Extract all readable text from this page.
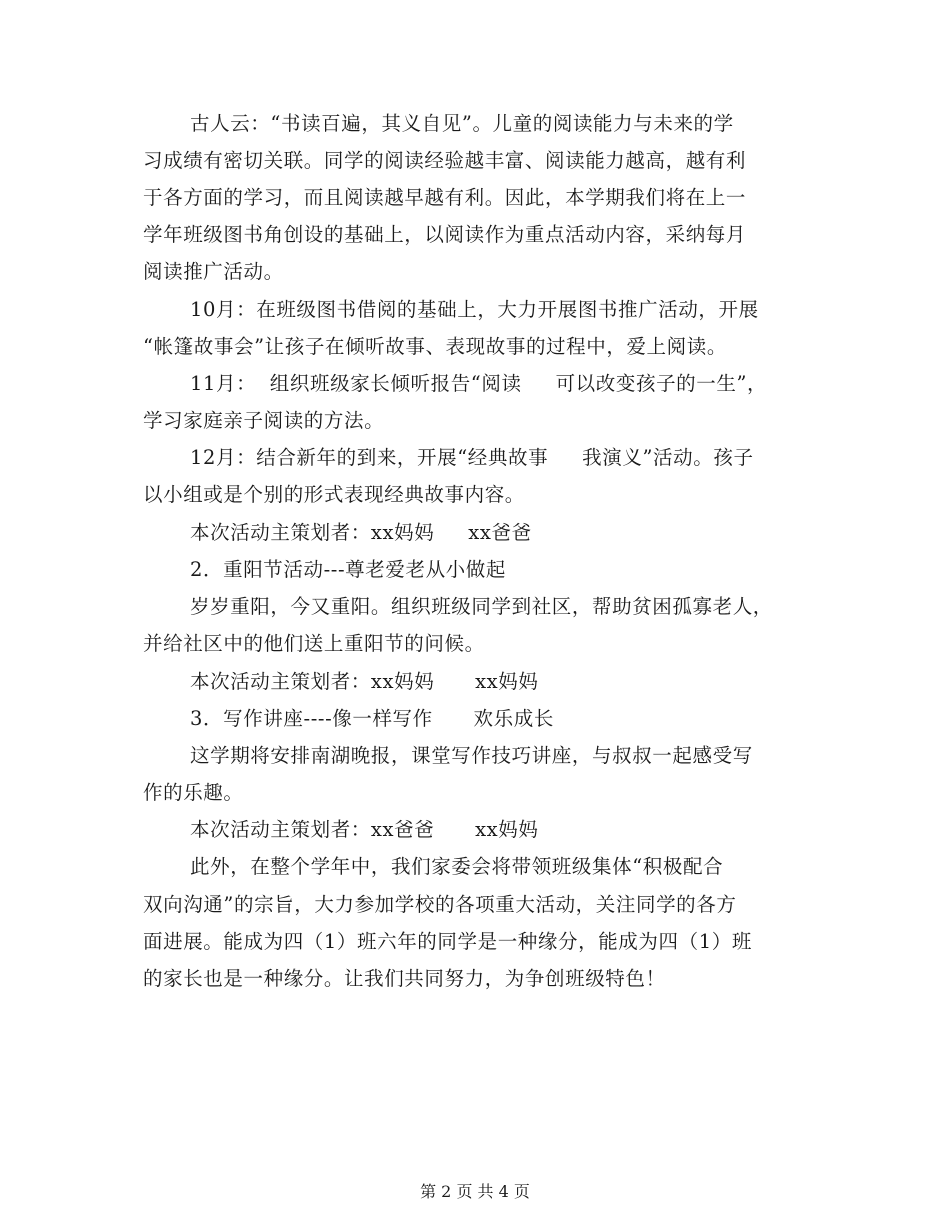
古人云：“书读百遍，其义自见”。儿童的阅读能力与未来的学
习成绩有密切关联。同学的阅读经验越丰富、阅读能力越高，越有利
于各方面的学习，而且阅读越早越有利。因此，本学期我们将在上一
学年班级图书角创设的基础上，以阅读作为重点活动内容，采纳每月
阅读推广活动。
10月：在班级图书借阅的基础上，大力开展图书推广活动，开展
“帐篷故事会”让孩子在倾听故事、表现故事的过程中，爱上阅读。
11月：  组织班级家长倾听报告“阅读     可以改变孩子的一生”，
学习家庭亲子阅读的方法。
12月：结合新年的到来，开展“经典故事     我演义”活动。孩子
以小组或是个别的形式表现经典故事内容。
本次活动主策划者：xx妈妈     xx爸爸
2．重阳节活动---尊老爱老从小做起
岁岁重阳，今又重阳。组织班级同学到社区，帮助贫困孤寡老人，
并给社区中的他们送上重阳节的问候。
本次活动主策划者：xx妈妈      xx妈妈
3．写作讲座----像一样写作      欢乐成长
这学期将安排南湖晚报，课堂写作技巧讲座，与叔叔一起感受写
作的乐趣。
本次活动主策划者：xx爸爸      xx妈妈
此外，在整个学年中，我们家委会将带领班级集体“积极配合
双向沟通”的宗旨，大力参加学校的各项重大活动，关注同学的各方
面进展。能成为四（1）班六年的同学是一种缘分，能成为四（1）班
的家长也是一种缘分。让我们共同努力，为争创班级特色！
第 2 页 共 4 页
